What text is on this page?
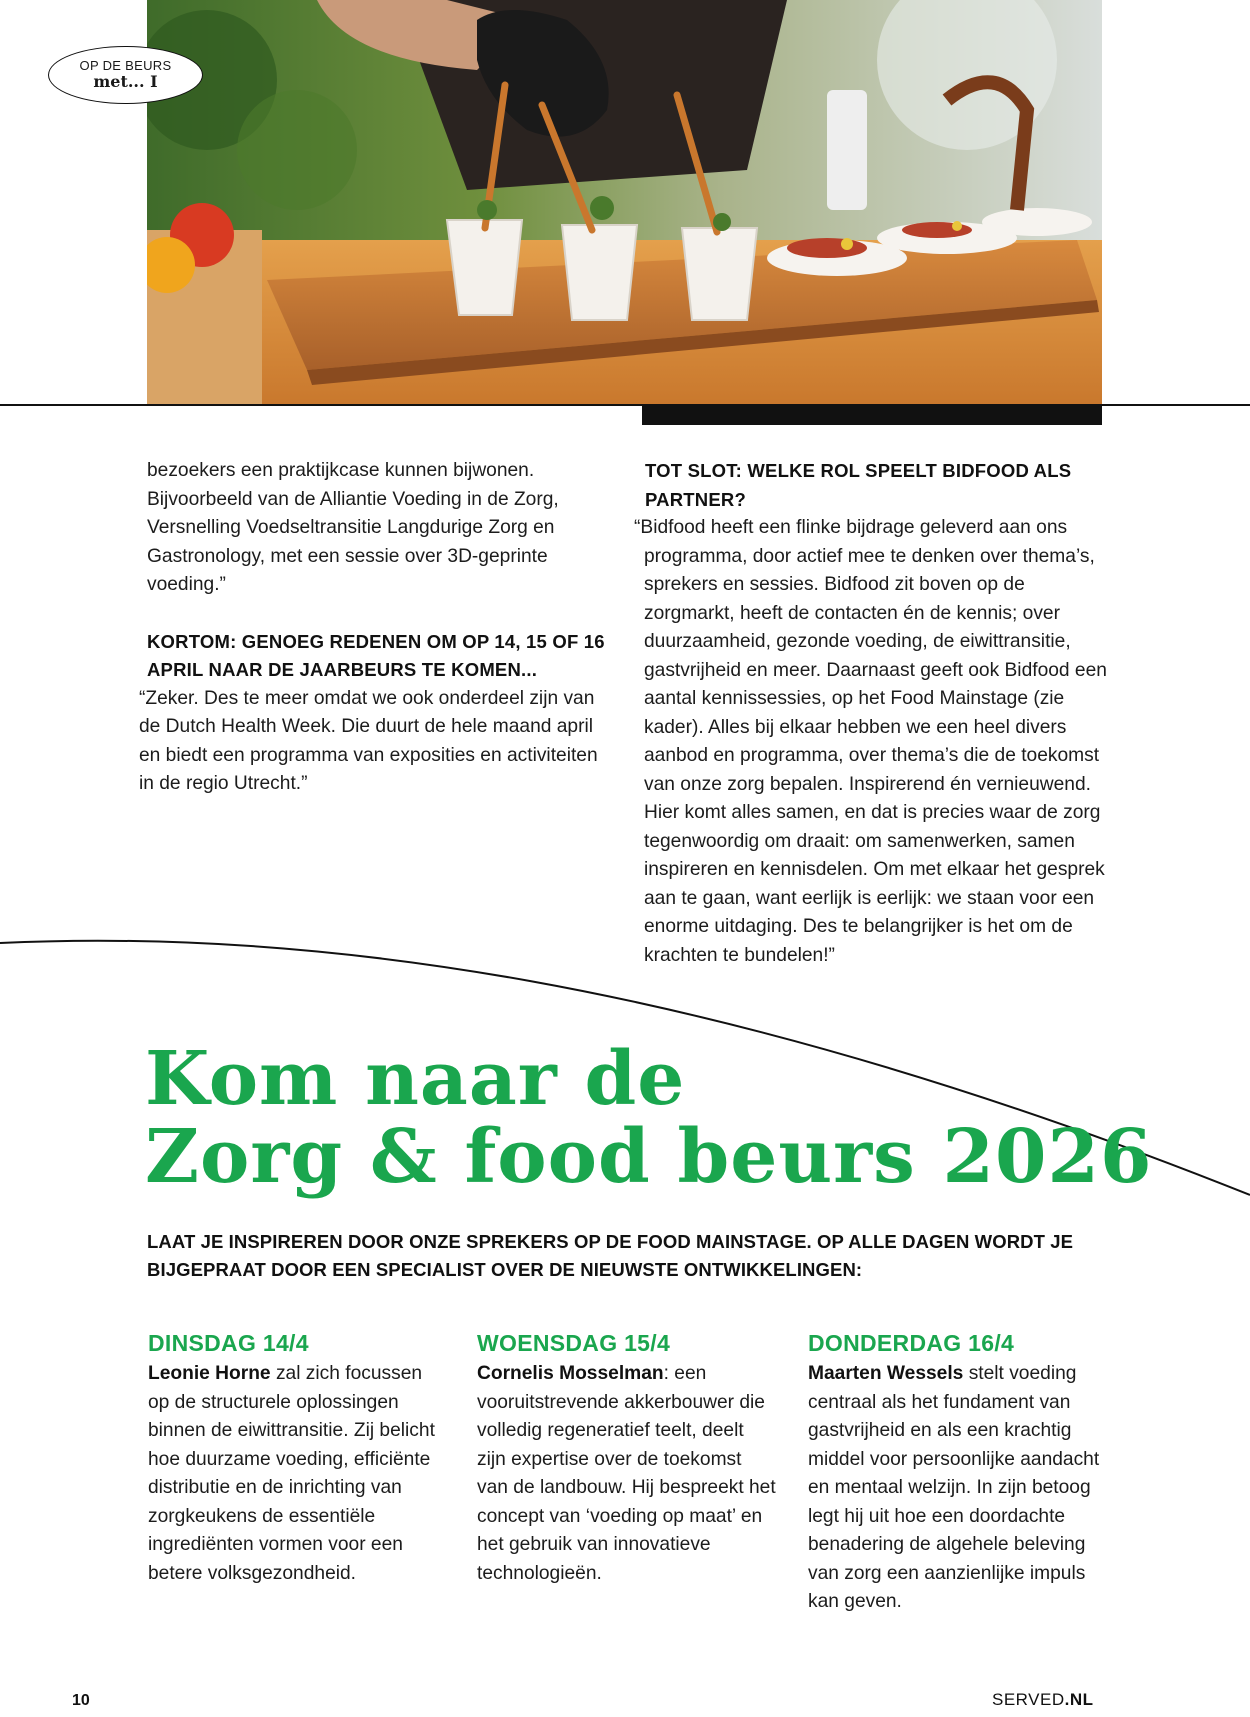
OP DE BEURS
met... I

bezoekers een praktijkcase kunnen bijwonen. Bijvoorbeeld van de Alliantie Voeding in de Zorg, Versnelling Voedseltransitie Langdurige Zorg en Gastronology, met een sessie over 3D-geprinte voeding.”

KORTOM: GENOEG REDENEN OM OP 14, 15 OF 16 APRIL NAAR DE JAARBEURS TE KOMEN...

“Zeker. Des te meer omdat we ook onderdeel zijn van de Dutch Health Week. Die duurt de hele maand april en biedt een programma van exposities en activiteiten in de regio Utrecht.”

TOT SLOT: WELKE ROL SPEELT BIDFOOD ALS PARTNER?

“Bidfood heeft een flinke bijdrage geleverd aan ons programma, door actief mee te denken over thema’s, sprekers en sessies. Bidfood zit boven op de zorgmarkt, heeft de contacten én de kennis; over duurzaamheid, gezonde voeding, de eiwittransitie, gastvrijheid en meer. Daarnaast geeft ook Bidfood een aantal kennissessies, op het Food Mainstage (zie kader). Alles bij elkaar hebben we een heel divers aanbod en programma, over thema’s die de toekomst van onze zorg bepalen. Inspirerend én vernieuwend. Hier komt alles samen, en dat is precies waar de zorg tegenwoordig om draait: om samenwerken, samen inspireren en kennisdelen. Om met elkaar het gesprek aan te gaan, want eerlijk is eerlijk: we staan voor een enorme uitdaging. Des te belangrijker is het om de krachten te bundelen!”

Kom naar de
Zorg & food beurs 2026
LAAT JE INSPIREREN DOOR ONZE SPREKERS OP DE FOOD MAINSTAGE. OP ALLE DAGEN WORDT JE BIJGEPRAAT DOOR EEN SPECIALIST OVER DE NIEUWSTE ONTWIKKELINGEN:
DINSDAG 14/4

Leonie Horne zal zich focussen op de structurele oplossingen binnen de eiwittransitie. Zij belicht hoe duurzame voeding, efficiënte distributie en de inrichting van zorgkeukens de essentiële ingrediënten vormen voor een betere volksgezondheid.

WOENSDAG 15/4

Cornelis Mosselman: een vooruitstrevende akkerbouwer die volledig regeneratief teelt, deelt zijn expertise over de toekomst van de landbouw. Hij bespreekt het concept van ‘voeding op maat’ en het gebruik van innovatieve technologieën.

DONDERDAG 16/4

Maarten Wessels stelt voeding centraal als het fundament van gastvrijheid en als een krachtig middel voor persoonlijke aandacht en mentaal welzijn. In zijn betoog legt hij uit hoe een doordachte benadering de algehele beleving van zorg een aanzienlijke impuls kan geven.

10	SERVED.NL
